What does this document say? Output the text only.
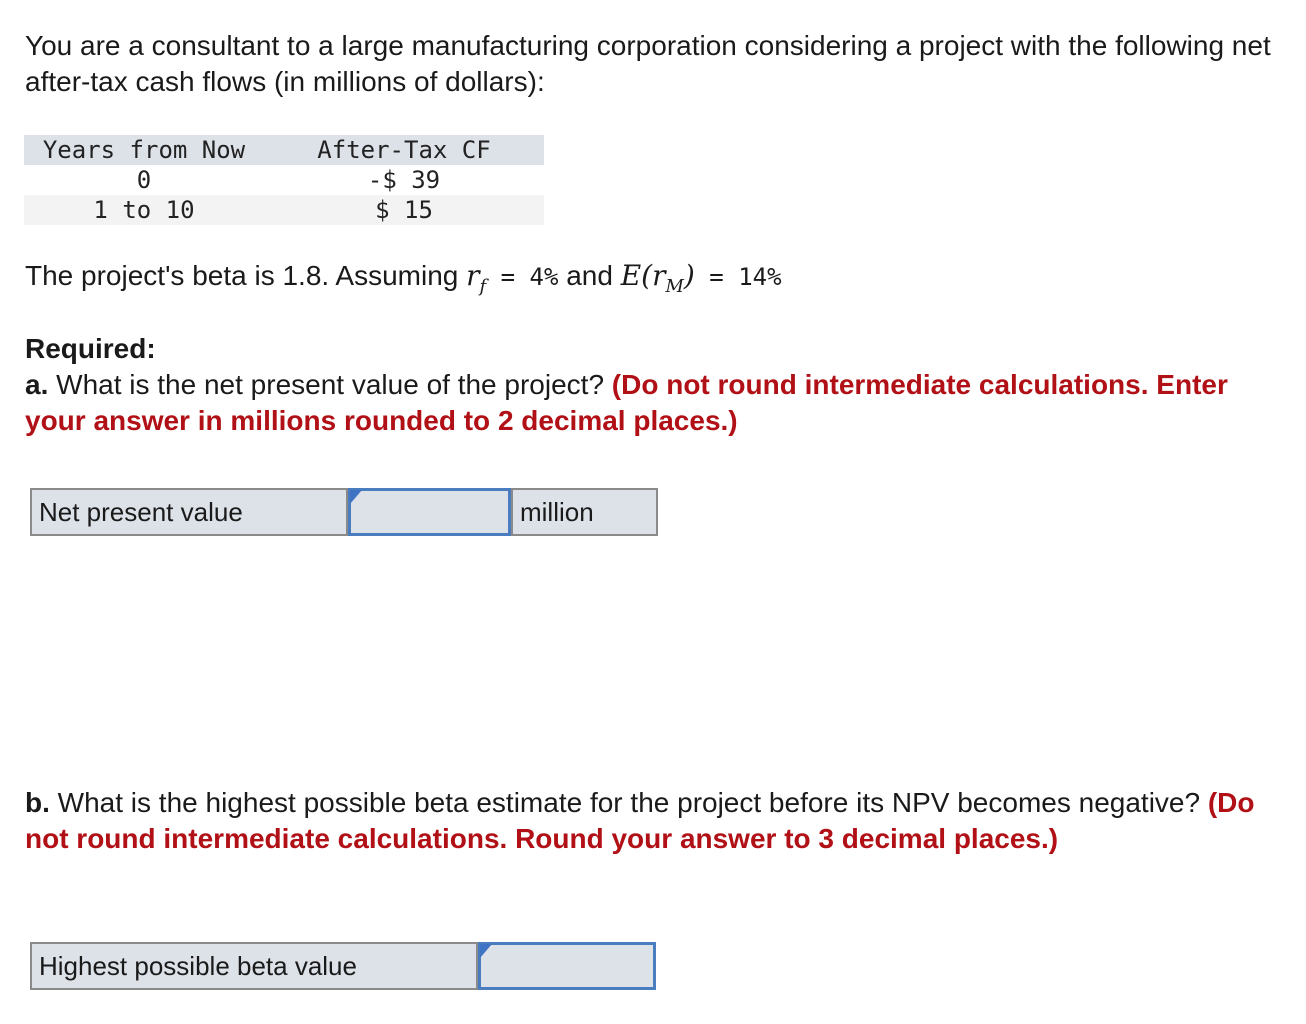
You are a consultant to a large manufacturing corporation considering a project with the following net after-tax cash flows (in millions of dollars):

Years from Now	After-Tax CF
0	-$ 39
1 to 10	$ 15

The project's beta is 1.8. Assuming $r_f = 4\%$ and $E(r_M) = 14\%$

Required:
a. What is the net present value of the project? (Do not round intermediate calculations. Enter your answer in millions rounded to 2 decimal places.)
Net present value	million
b. What is the highest possible beta estimate for the project before its NPV becomes negative? (Do not round intermediate calculations. Round your answer to 3 decimal places.)
Highest possible beta value
